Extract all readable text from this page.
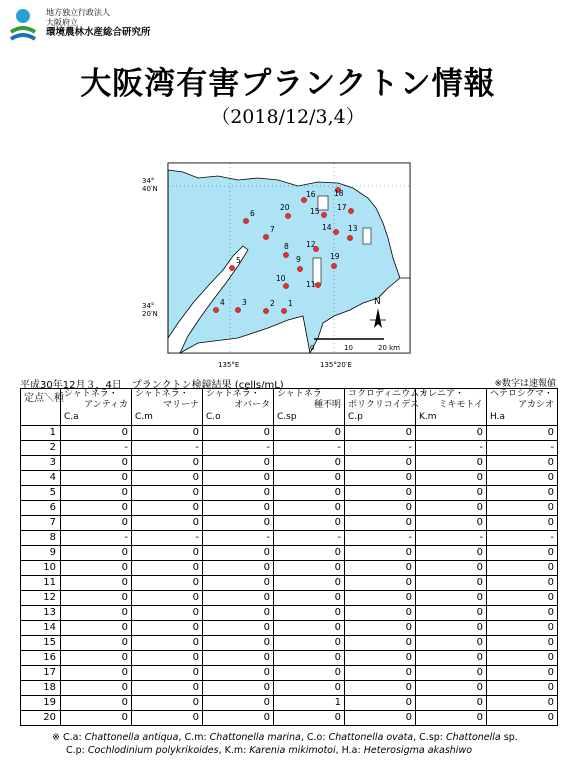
地方独立行政法人
大阪府立
環境農林水産総合研究所
大阪湾有害プランクトン情報
（2018/12/3,4）
34°
40′N
34°
20′N
135°E	135°20′E
0	10	20 km
N
1
2
3
4
5
6
7
8
9
10
11
12
13
14
15
16
17
18
19
20
平成30年12月３，4日　プランクトン検鏡結果 (cells/mL)	※数字は速報値
定点＼種	シャトネラ・
アンティカ
C.a	シャトネラ・
マリーナ
C.m	シャトネラ・
オバータ
C.o	シャトネラ
種不明
C.sp	コクロディニウム・
ポリクリコイデス
C.p	カレニア・
ミキモトイ
K.m	ヘテロシグマ・
アカシオ
H.a

1	0	0	0	0	0	0	0
2	-	-	-	-	-	-	-
3	0	0	0	0	0	0	0
4	0	0	0	0	0	0	0
5	0	0	0	0	0	0	0
6	0	0	0	0	0	0	0
7	0	0	0	0	0	0	0
8	-	-	-	-	-	-	-
9	0	0	0	0	0	0	0
10	0	0	0	0	0	0	0
11	0	0	0	0	0	0	0
12	0	0	0	0	0	0	0
13	0	0	0	0	0	0	0
14	0	0	0	0	0	0	0
15	0	0	0	0	0	0	0
16	0	0	0	0	0	0	0
17	0	0	0	0	0	0	0
18	0	0	0	0	0	0	0
19	0	0	0	1	0	0	0
20	0	0	0	0	0	0	0
※ C.a: Chattonella antiqua, C.m: Chattonella marina, C.o: Chattonella ovata, C.sp: Chattonella sp.
C.p: Cochlodinium polykrikoides, K.m: Karenia mikimotoi, H.a: Heterosigma akashiwo
